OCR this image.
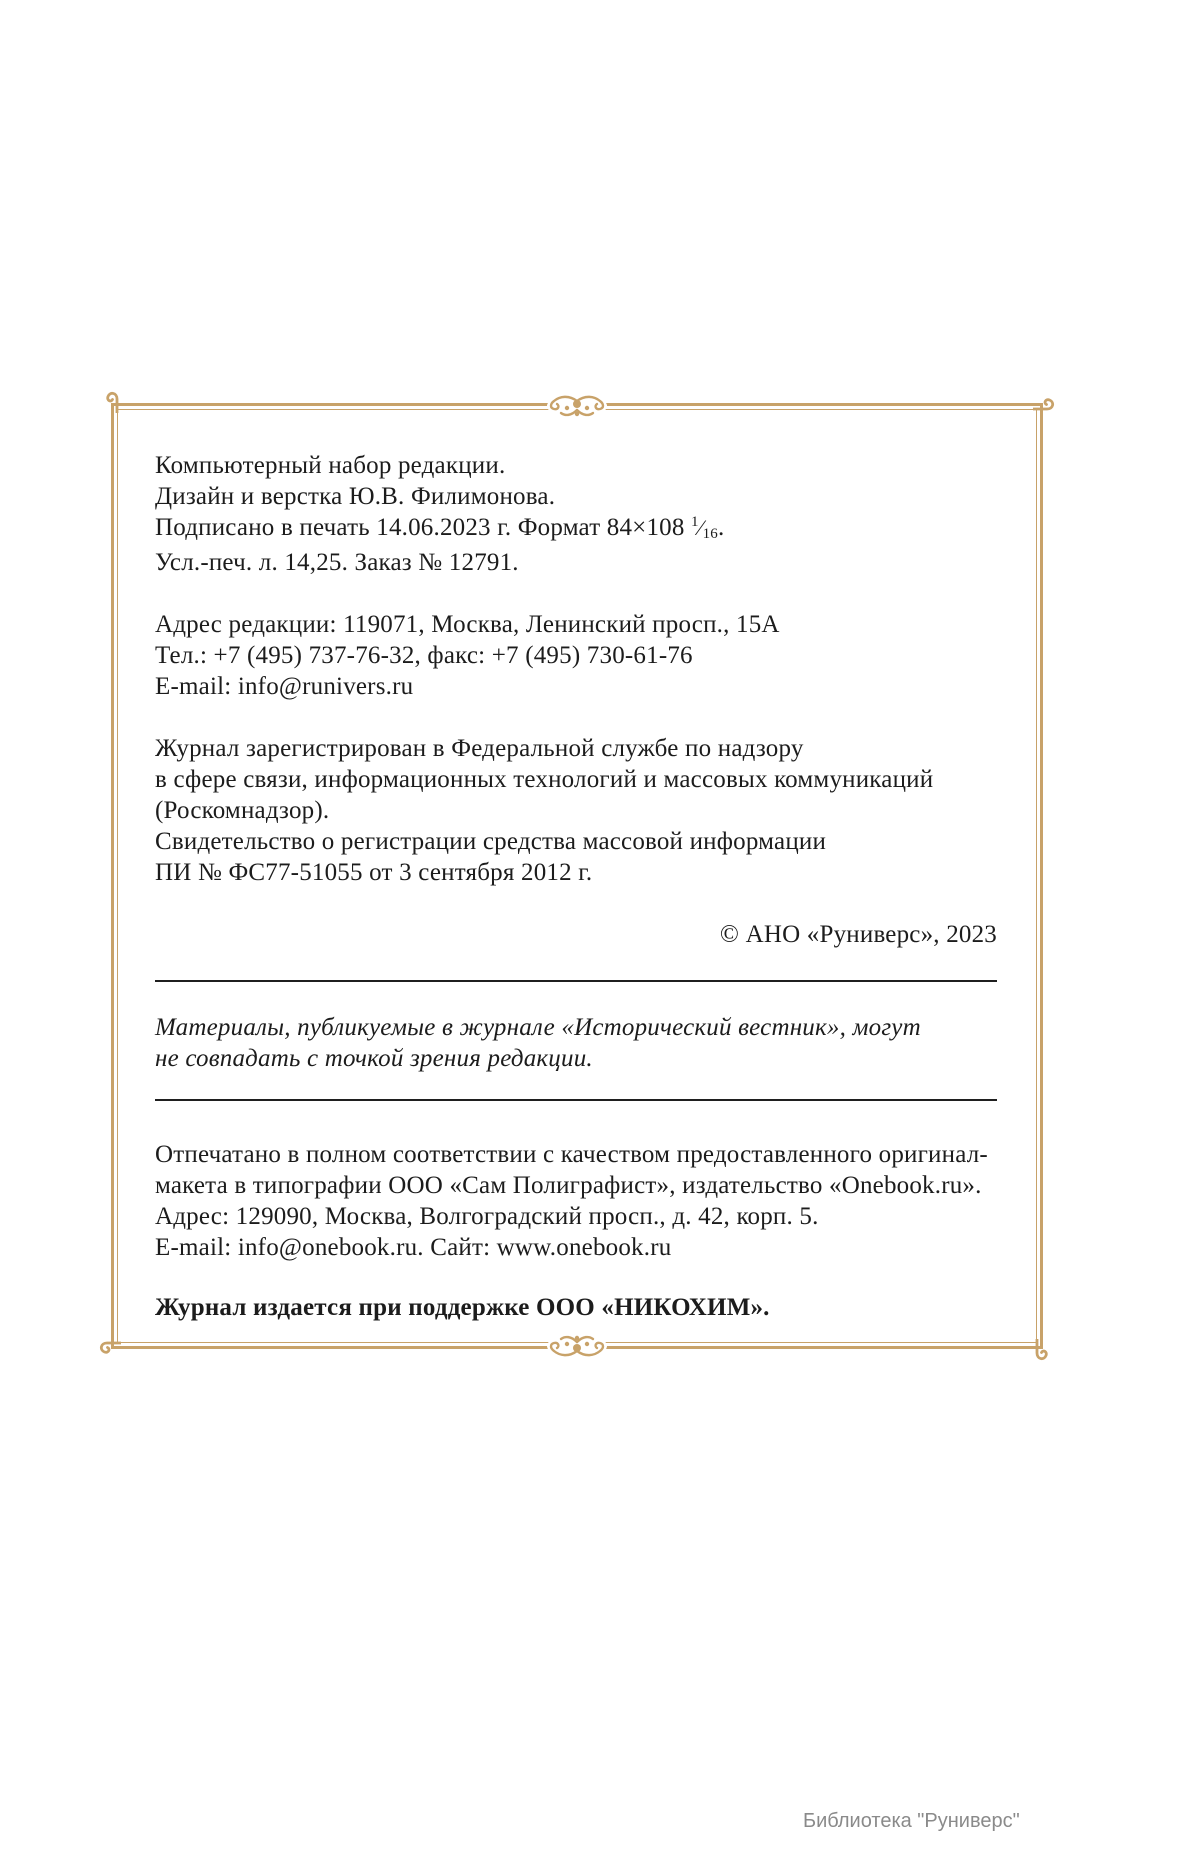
Компьютерный набор редакции.
Дизайн и верстка Ю.В. Филимонова.
Подписано в печать 14.06.2023 г. Формат 84×108 $^1$⁄16.
Усл.-печ. л. 14,25. Заказ № 12791.
Адрес редакции: 119071, Москва, Ленинский просп., 15А
Тел.: +7 (495) 737-76-32, факс: +7 (495) 730-61-76
E-mail: info@runivers.ru
Журнал зарегистрирован в Федеральной службе по надзору
в сфере связи, информационных технологий и массовых коммуникаций
(Роскомнадзор).
Свидетельство о регистрации средства массовой информации
ПИ № ФС77-51055 от 3 сентября 2012 г.
© АНО «Руниверс», 2023
Материалы, публикуемые в журнале «Исторический вестник», могут
не совпадать с точкой зрения редакции.
Отпечатано в полном соответствии с качеством предоставленного оригинал-
макета в типографии ООО «Сам Полиграфист», издательство «Onebook.ru».
Адрес: 129090, Москва, Волгоградский просп., д. 42, корп. 5.
E-mail: info@onebook.ru. Сайт: www.onebook.ru
Журнал издается при поддержке ООО «НИКОХИМ».
Библиотека "Руниверс"
